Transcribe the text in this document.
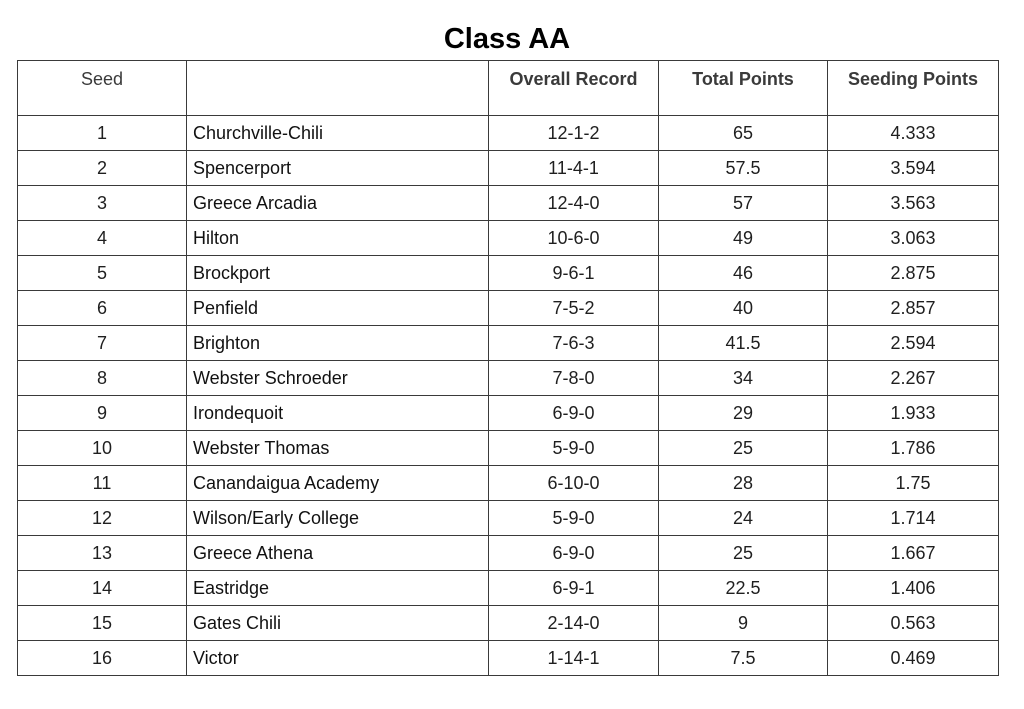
Class AA
Seed		Overall Record	Total Points	Seeding Points
1	Churchville-Chili	12-1-2	65	4.333
2	Spencerport	11-4-1	57.5	3.594
3	Greece Arcadia	12-4-0	57	3.563
4	Hilton	10-6-0	49	3.063
5	Brockport	9-6-1	46	2.875
6	Penfield	7-5-2	40	2.857
7	Brighton	7-6-3	41.5	2.594
8	Webster Schroeder	7-8-0	34	2.267
9	Irondequoit	6-9-0	29	1.933
10	Webster Thomas	5-9-0	25	1.786
11	Canandaigua Academy	6-10-0	28	1.75
12	Wilson/Early College	5-9-0	24	1.714
13	Greece Athena	6-9-0	25	1.667
14	Eastridge	6-9-1	22.5	1.406
15	Gates Chili	2-14-0	9	0.563
16	Victor	1-14-1	7.5	0.469
